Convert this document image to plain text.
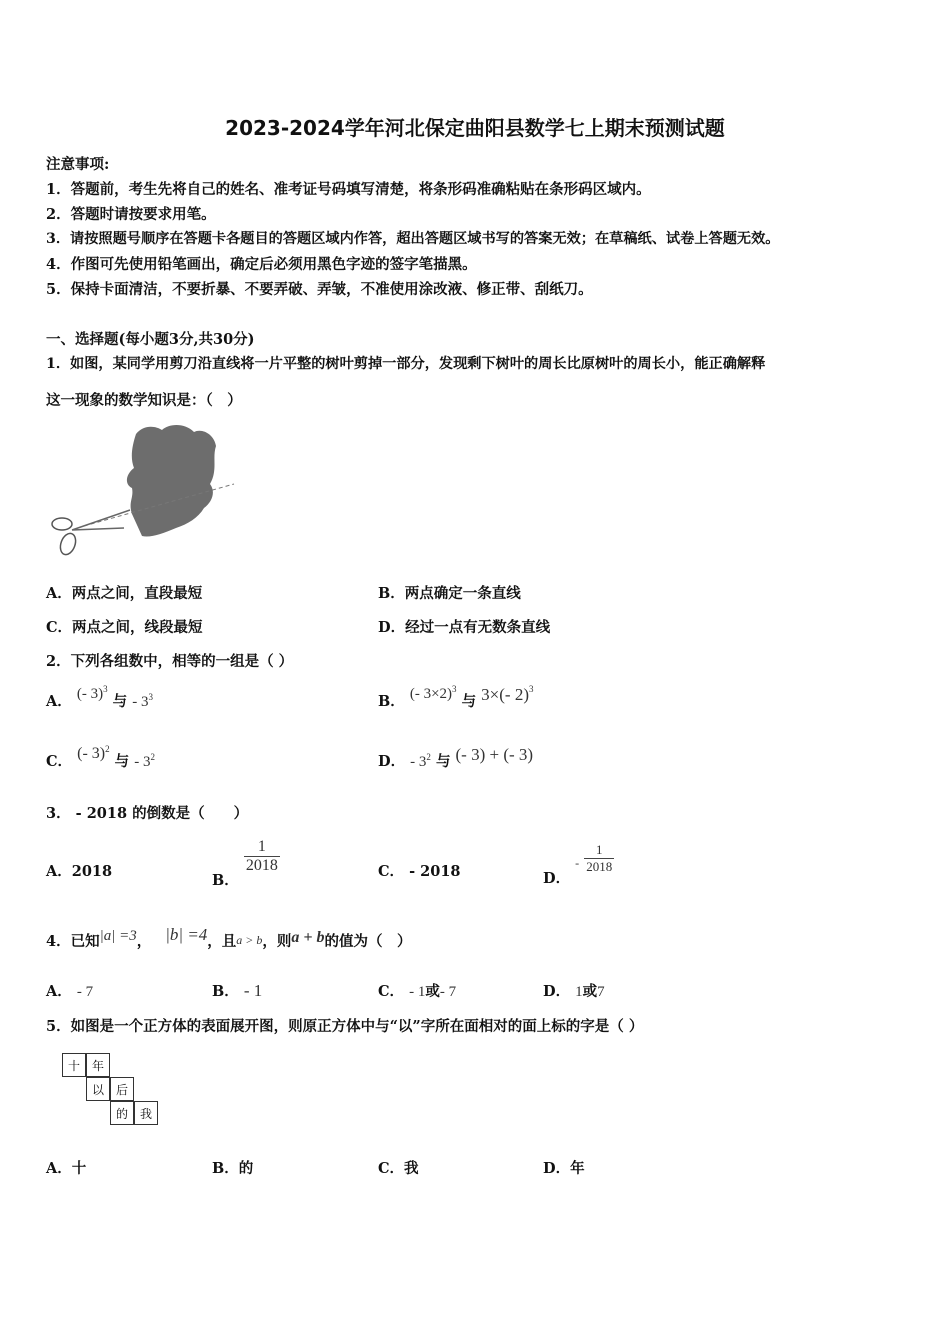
2023-2024学年河北保定曲阳县数学七上期末预测试题
注意事项:
1．答题前，考生先将自己的姓名、准考证号码填写清楚，将条形码准确粘贴在条形码区域内。
2．答题时请按要求用笔。
3．请按照题号顺序在答题卡各题目的答题区域内作答，超出答题区域书写的答案无效；在草稿纸、试卷上答题无效。
4．作图可先使用铅笔画出，确定后必须用黑色字迹的签字笔描黑。
5．保持卡面清洁，不要折暴、不要弄破、弄皱，不准使用涂改液、修正带、刮纸刀。
一、选择题(每小题3分,共30分)
1．如图，某同学用剪刀沿直线将一片平整的树叶剪掉一部分，发现剩下树叶的周长比原树叶的周长小，能正确解释
这一现象的数学知识是：（　）
A．两点之间，直段最短	B．两点确定一条直线
C．两点之间，线段最短	D．经过一点有无数条直线
2．下列各组数中，相等的一组是（ ）
A． (- 3)$^3$ 与 - $3^3$	B． (- 3×2)$^3$ 与 3×(- 2)$^3$
C． (- 3)$^2$ 与 - $3^2$	D． - $3^2$ 与 (- 3) + (- 3)
3． - 2018 的倒数是（　　）
A．2018	B．
$\frac{1}{2018}$	C． - 2018	D． $_- \frac{1}{2018}$
4．已知|a| =3， |b| =4，且a > b，则a + b的值为（　）
A． - 7	B． - 1	C． - 1或- 7	D． 1或7
5．如图是一个正方体的表面展开图，则原正方体中与“以”字所在面相对的面上标的字是（ ）
十 年
以 后
的 我
A．十	B．的	C．我	D．年
